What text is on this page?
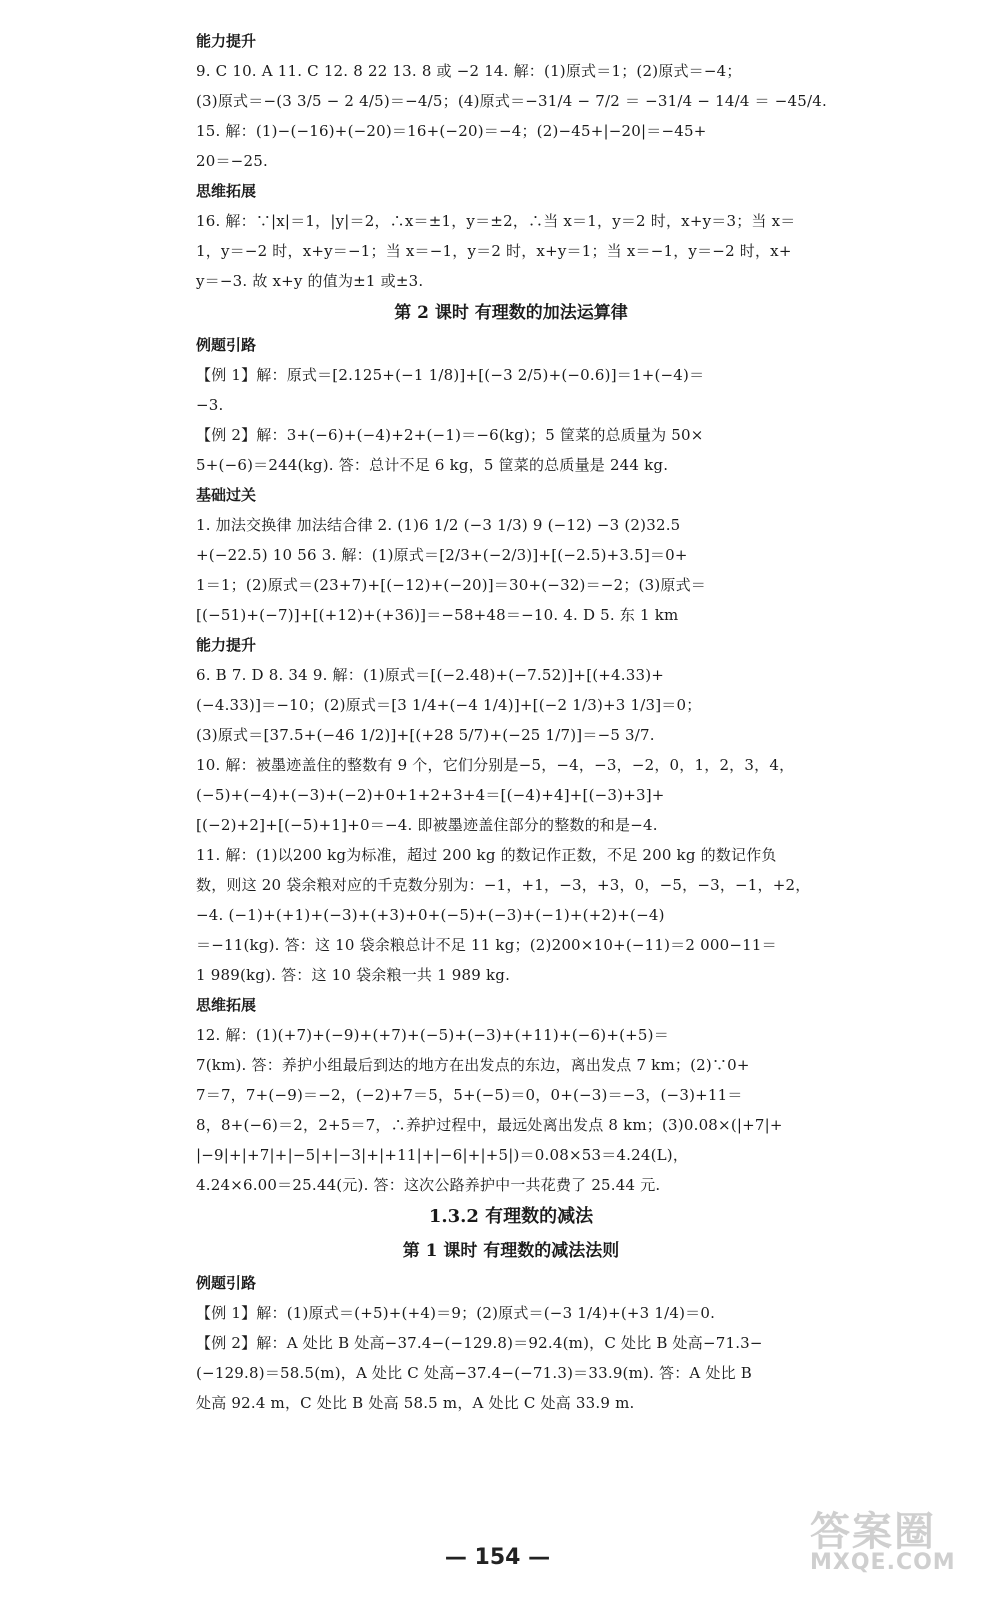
能力提升
9. C 10. A 11. C 12. 8 22 13. 8 或 −2 14. 解：(1)原式＝1；(2)原式＝−4；
(3)原式＝−(3 3/5 − 2 4/5)＝−4/5；(4)原式＝−31/4 − 7/2 ＝ −31/4 − 14/4 ＝ −45/4.
15. 解：(1)−(−16)+(−20)＝16+(−20)＝−4；(2)−45+|−20|＝−45+
20＝−25.
思维拓展
16. 解：∵|x|＝1，|y|＝2，∴x＝±1，y＝±2，∴当 x＝1，y＝2 时，x+y＝3；当 x＝
1，y＝−2 时，x+y＝−1；当 x＝−1，y＝2 时，x+y＝1；当 x＝−1，y＝−2 时，x+
y＝−3. 故 x+y 的值为±1 或±3.
第 2 课时 有理数的加法运算律
例题引路
【例 1】解：原式＝[2.125+(−1 1/8)]+[(−3 2/5)+(−0.6)]＝1+(−4)＝
−3.
【例 2】解：3+(−6)+(−4)+2+(−1)＝−6(kg)；5 筐菜的总质量为 50×
5+(−6)＝244(kg). 答：总计不足 6 kg，5 筐菜的总质量是 244 kg.
基础过关
1. 加法交换律 加法结合律 2. (1)6 1/2 (−3 1/3) 9 (−12) −3 (2)32.5
+(−22.5) 10 56 3. 解：(1)原式＝[2/3+(−2/3)]+[(−2.5)+3.5]＝0+
1＝1；(2)原式＝(23+7)+[(−12)+(−20)]＝30+(−32)＝−2；(3)原式＝
[(−51)+(−7)]+[(+12)+(+36)]＝−58+48＝−10. 4. D 5. 东 1 km
能力提升
6. B 7. D 8. 34 9. 解：(1)原式＝[(−2.48)+(−7.52)]+[(+4.33)+
(−4.33)]＝−10；(2)原式＝[3 1/4+(−4 1/4)]+[(−2 1/3)+3 1/3]＝0；
(3)原式＝[37.5+(−46 1/2)]+[(+28 5/7)+(−25 1/7)]＝−5 3/7.
10. 解：被墨迹盖住的整数有 9 个，它们分别是−5，−4，−3，−2，0，1，2，3，4，
(−5)+(−4)+(−3)+(−2)+0+1+2+3+4＝[(−4)+4]+[(−3)+3]+
[(−2)+2]+[(−5)+1]+0＝−4. 即被墨迹盖住部分的整数的和是−4.
11. 解：(1)以200 kg为标准，超过 200 kg 的数记作正数，不足 200 kg 的数记作负
数，则这 20 袋余粮对应的千克数分别为：−1，+1，−3，+3，0，−5，−3，−1，+2，
−4. (−1)+(+1)+(−3)+(+3)+0+(−5)+(−3)+(−1)+(+2)+(−4)
＝−11(kg). 答：这 10 袋余粮总计不足 11 kg；(2)200×10+(−11)＝2 000−11＝
1 989(kg). 答：这 10 袋余粮一共 1 989 kg.
思维拓展
12. 解：(1)(+7)+(−9)+(+7)+(−5)+(−3)+(+11)+(−6)+(+5)＝
7(km). 答：养护小组最后到达的地方在出发点的东边，离出发点 7 km；(2)∵0+
7＝7，7+(−9)＝−2，(−2)+7＝5，5+(−5)＝0，0+(−3)＝−3，(−3)+11＝
8，8+(−6)＝2，2+5＝7，∴养护过程中，最远处离出发点 8 km；(3)0.08×(|+7|+
|−9|+|+7|+|−5|+|−3|+|+11|+|−6|+|+5|)＝0.08×53＝4.24(L)，
4.24×6.00＝25.44(元). 答：这次公路养护中一共花费了 25.44 元.
1.3.2 有理数的减法
第 1 课时 有理数的减法法则
例题引路
【例 1】解：(1)原式＝(+5)+(+4)＝9；(2)原式＝(−3 1/4)+(+3 1/4)＝0.
【例 2】解：A 处比 B 处高−37.4−(−129.8)＝92.4(m)，C 处比 B 处高−71.3−
(−129.8)＝58.5(m)，A 处比 C 处高−37.4−(−71.3)＝33.9(m). 答：A 处比 B
处高 92.4 m，C 处比 B 处高 58.5 m，A 处比 C 处高 33.9 m.
— 154 —
答案圈
MXQE.COM
